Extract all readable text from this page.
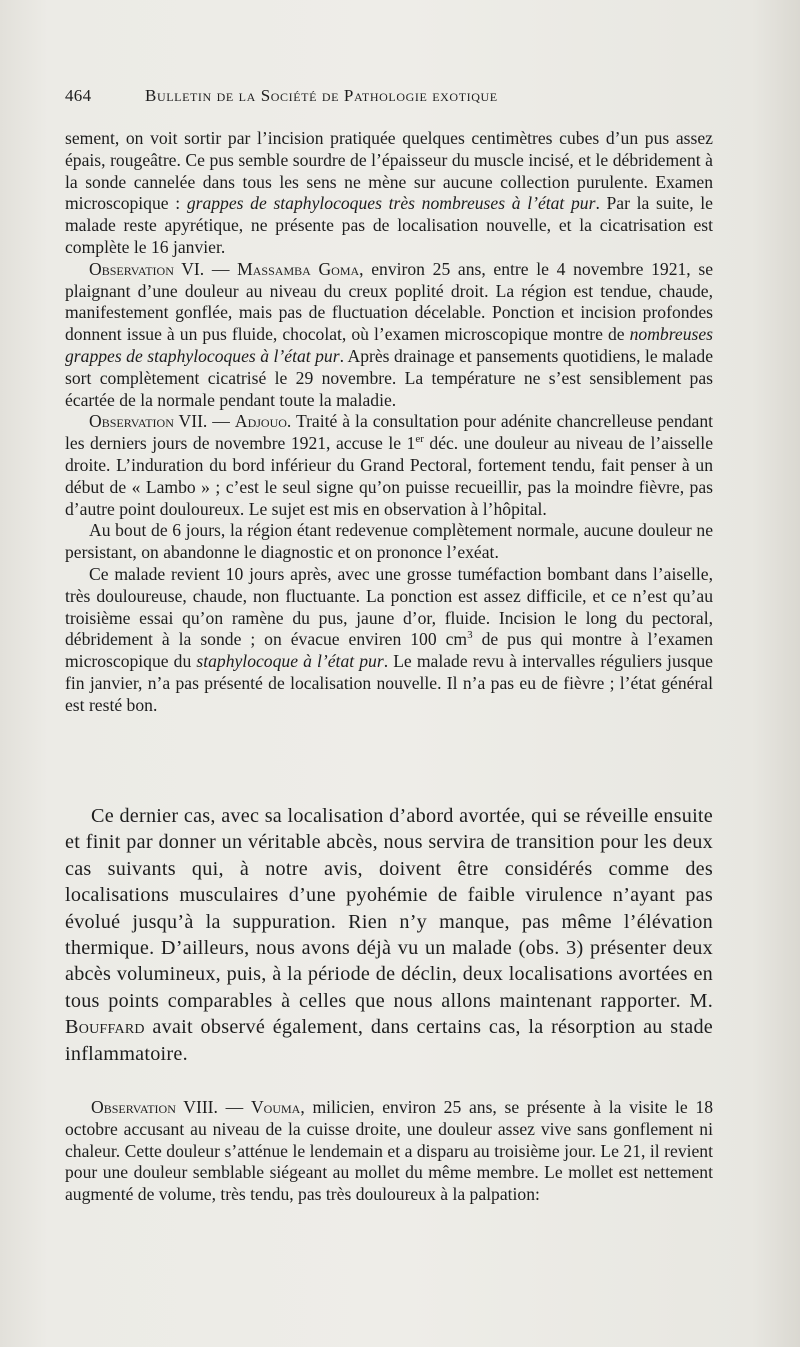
464	Bulletin de la Société de Pathologie exotique

sement, on voit sortir par l’incision pratiquée quelques centimètres cubes d’un pus assez épais, rougeâtre. Ce pus semble sourdre de l’épaisseur du muscle incisé, et le débridement à la sonde cannelée dans tous les sens ne mène sur aucune collection purulente. Examen microscopique : grappes de staphylocoques très nombreuses à l’état pur. Par la suite, le malade reste apyrétique, ne présente pas de localisation nouvelle, et la cicatrisation est complète le 16 janvier.

Observation VI. — Massamba Goma, environ 25 ans, entre le 4 novembre 1921, se plaignant d’une douleur au niveau du creux poplité droit. La région est tendue, chaude, manifestement gonflée, mais pas de fluctuation décelable. Ponction et incision profondes donnent issue à un pus fluide, chocolat, où l’examen microscopique montre de nombreuses grappes de staphylocoques à l’état pur. Après drainage et pansements quotidiens, le malade sort complètement cicatrisé le 29 novembre. La température ne s’est sensiblement pas écartée de la normale pendant toute la maladie.

Observation VII. — Adjouo. Traité à la consultation pour adénite chancrelleuse pendant les derniers jours de novembre 1921, accuse le 1er déc. une douleur au niveau de l’aisselle droite. L’induration du bord inférieur du Grand Pectoral, fortement tendu, fait penser à un début de « Lambo » ; c’est le seul signe qu’on puisse recueillir, pas la moindre fièvre, pas d’autre point douloureux. Le sujet est mis en observation à l’hôpital.

Au bout de 6 jours, la région étant redevenue complètement normale, aucune douleur ne persistant, on abandonne le diagnostic et on prononce l’exéat.

Ce malade revient 10 jours après, avec une grosse tuméfaction bombant dans l’aiselle, très douloureuse, chaude, non fluctuante. La ponction est assez difficile, et ce n’est qu’au troisième essai qu’on ramène du pus, jaune d’or, fluide. Incision le long du pectoral, débridement à la sonde ; on évacue enviren 100 $cm^3$ de pus qui montre à l’examen microscopique du staphylocoque à l’état pur. Le malade revu à intervalles réguliers jusque fin janvier, n’a pas présenté de localisation nouvelle. Il n’a pas eu de fièvre ; l’état général est resté bon.

Ce dernier cas, avec sa localisation d’abord avortée, qui se réveille ensuite et finit par donner un véritable abcès, nous servira de transition pour les deux cas suivants qui, à notre avis, doivent être considérés comme des localisations musculaires d’une pyohémie de faible virulence n’ayant pas évolué jusqu’à la suppuration. Rien n’y manque, pas même l’élévation thermique. D’ailleurs, nous avons déjà vu un malade (obs. 3) présenter deux abcès volumineux, puis, à la période de déclin, deux localisations avortées en tous points comparables à celles que nous allons maintenant rapporter. M. Bouffard avait observé également, dans certains cas, la résorption au stade inflammatoire.

Observation VIII. — Vouma, milicien, environ 25 ans, se présente à la visite le 18 octobre accusant au niveau de la cuisse droite, une douleur assez vive sans gonflement ni chaleur. Cette douleur s’atténue le lendemain et a disparu au troisième jour. Le 21, il revient pour une douleur semblable siégeant au mollet du même membre. Le mollet est nettement augmenté de volume, très tendu, pas très douloureux à la palpation:
